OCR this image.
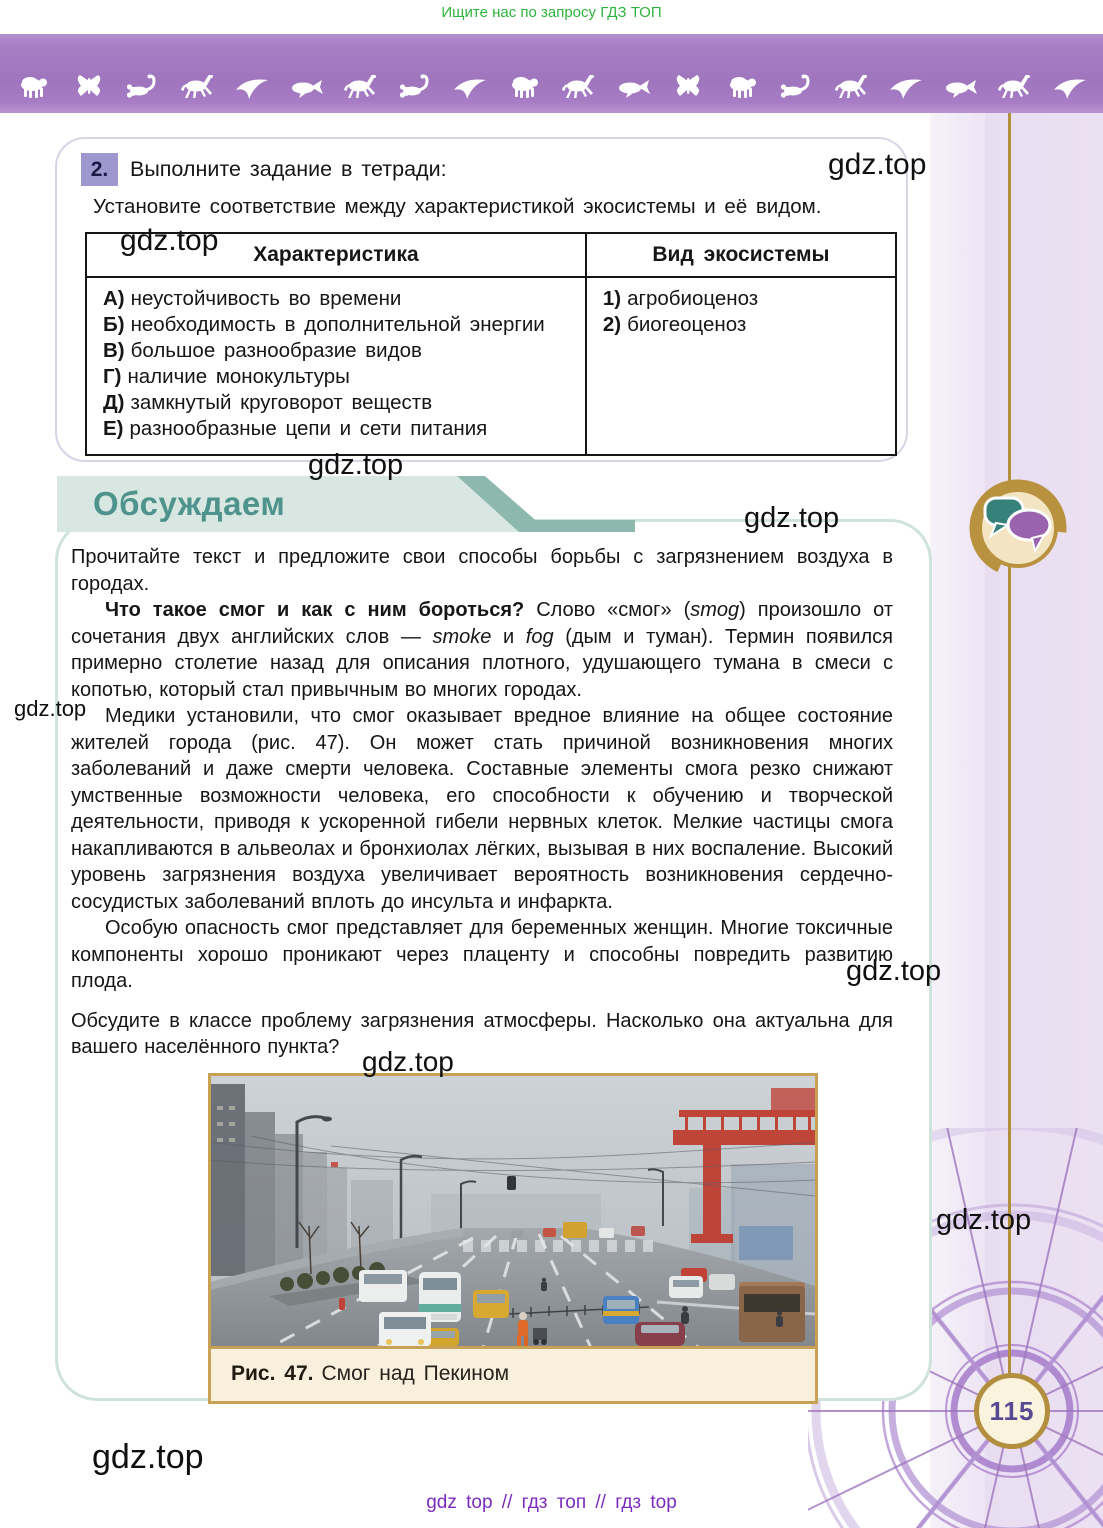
Ищите нас по запросу ГДЗ ТОП
115
2.	Выполните задание в тетради:
Установите соответствие между характеристикой экосистемы и её видом.
Характеристика	Вид экосистемы

А) неустойчивость во времени
Б) необходимость в дополнительной энергии
В) большое разнообразие видов
Г) наличие монокультуры
Д) замкнутый круговорот веществ
Е) разнообразные цепи и сети питания

1) агробиоценоз
2) биогеоценоз
Обсуждаем

Прочитайте текст и предложите свои способы борьбы с загрязнением воздуха в городах.

Что такое смог и как с ним бороться? Слово «смог» (smog) произошло от сочетания двух английских слов — smoke и fog (дым и туман). Термин появился примерно столетие назад для описания плотного, удушающего тумана в смеси с копотью, который стал привычным во многих городах.

Медики установили, что смог оказывает вредное влияние на общее состояние жителей города (рис. 47). Он может стать причиной возникновения многих заболеваний и даже смерти человека. Составные элементы смога резко снижают умственные возможности человека, его способности к обучению и творческой деятельности, приводя к ускоренной гибели нервных клеток. Мелкие частицы смога накапливаются в альвеолах и бронхиолах лёгких, вызывая в них воспаление. Высокий уровень загрязнения воздуха увеличивает вероятность возникновения сердечно-сосудистых заболеваний вплоть до инсульта и инфаркта.

Особую опасность смог представляет для беременных женщин. Многие токсичные компоненты хорошо проникают через плаценту и способны повредить развитию плода.

Обсудите в классе проблему загрязнения атмосферы. Насколько она актуальна для вашего населённого пункта?

Рис. 47. Смог над Пекином
gdz.top
gdz.top
gdz.top
gdz.top
gdz.top
gdz.top
gdz.top
gdz.top
gdz.top
gdz top // гдз топ // гдз top
